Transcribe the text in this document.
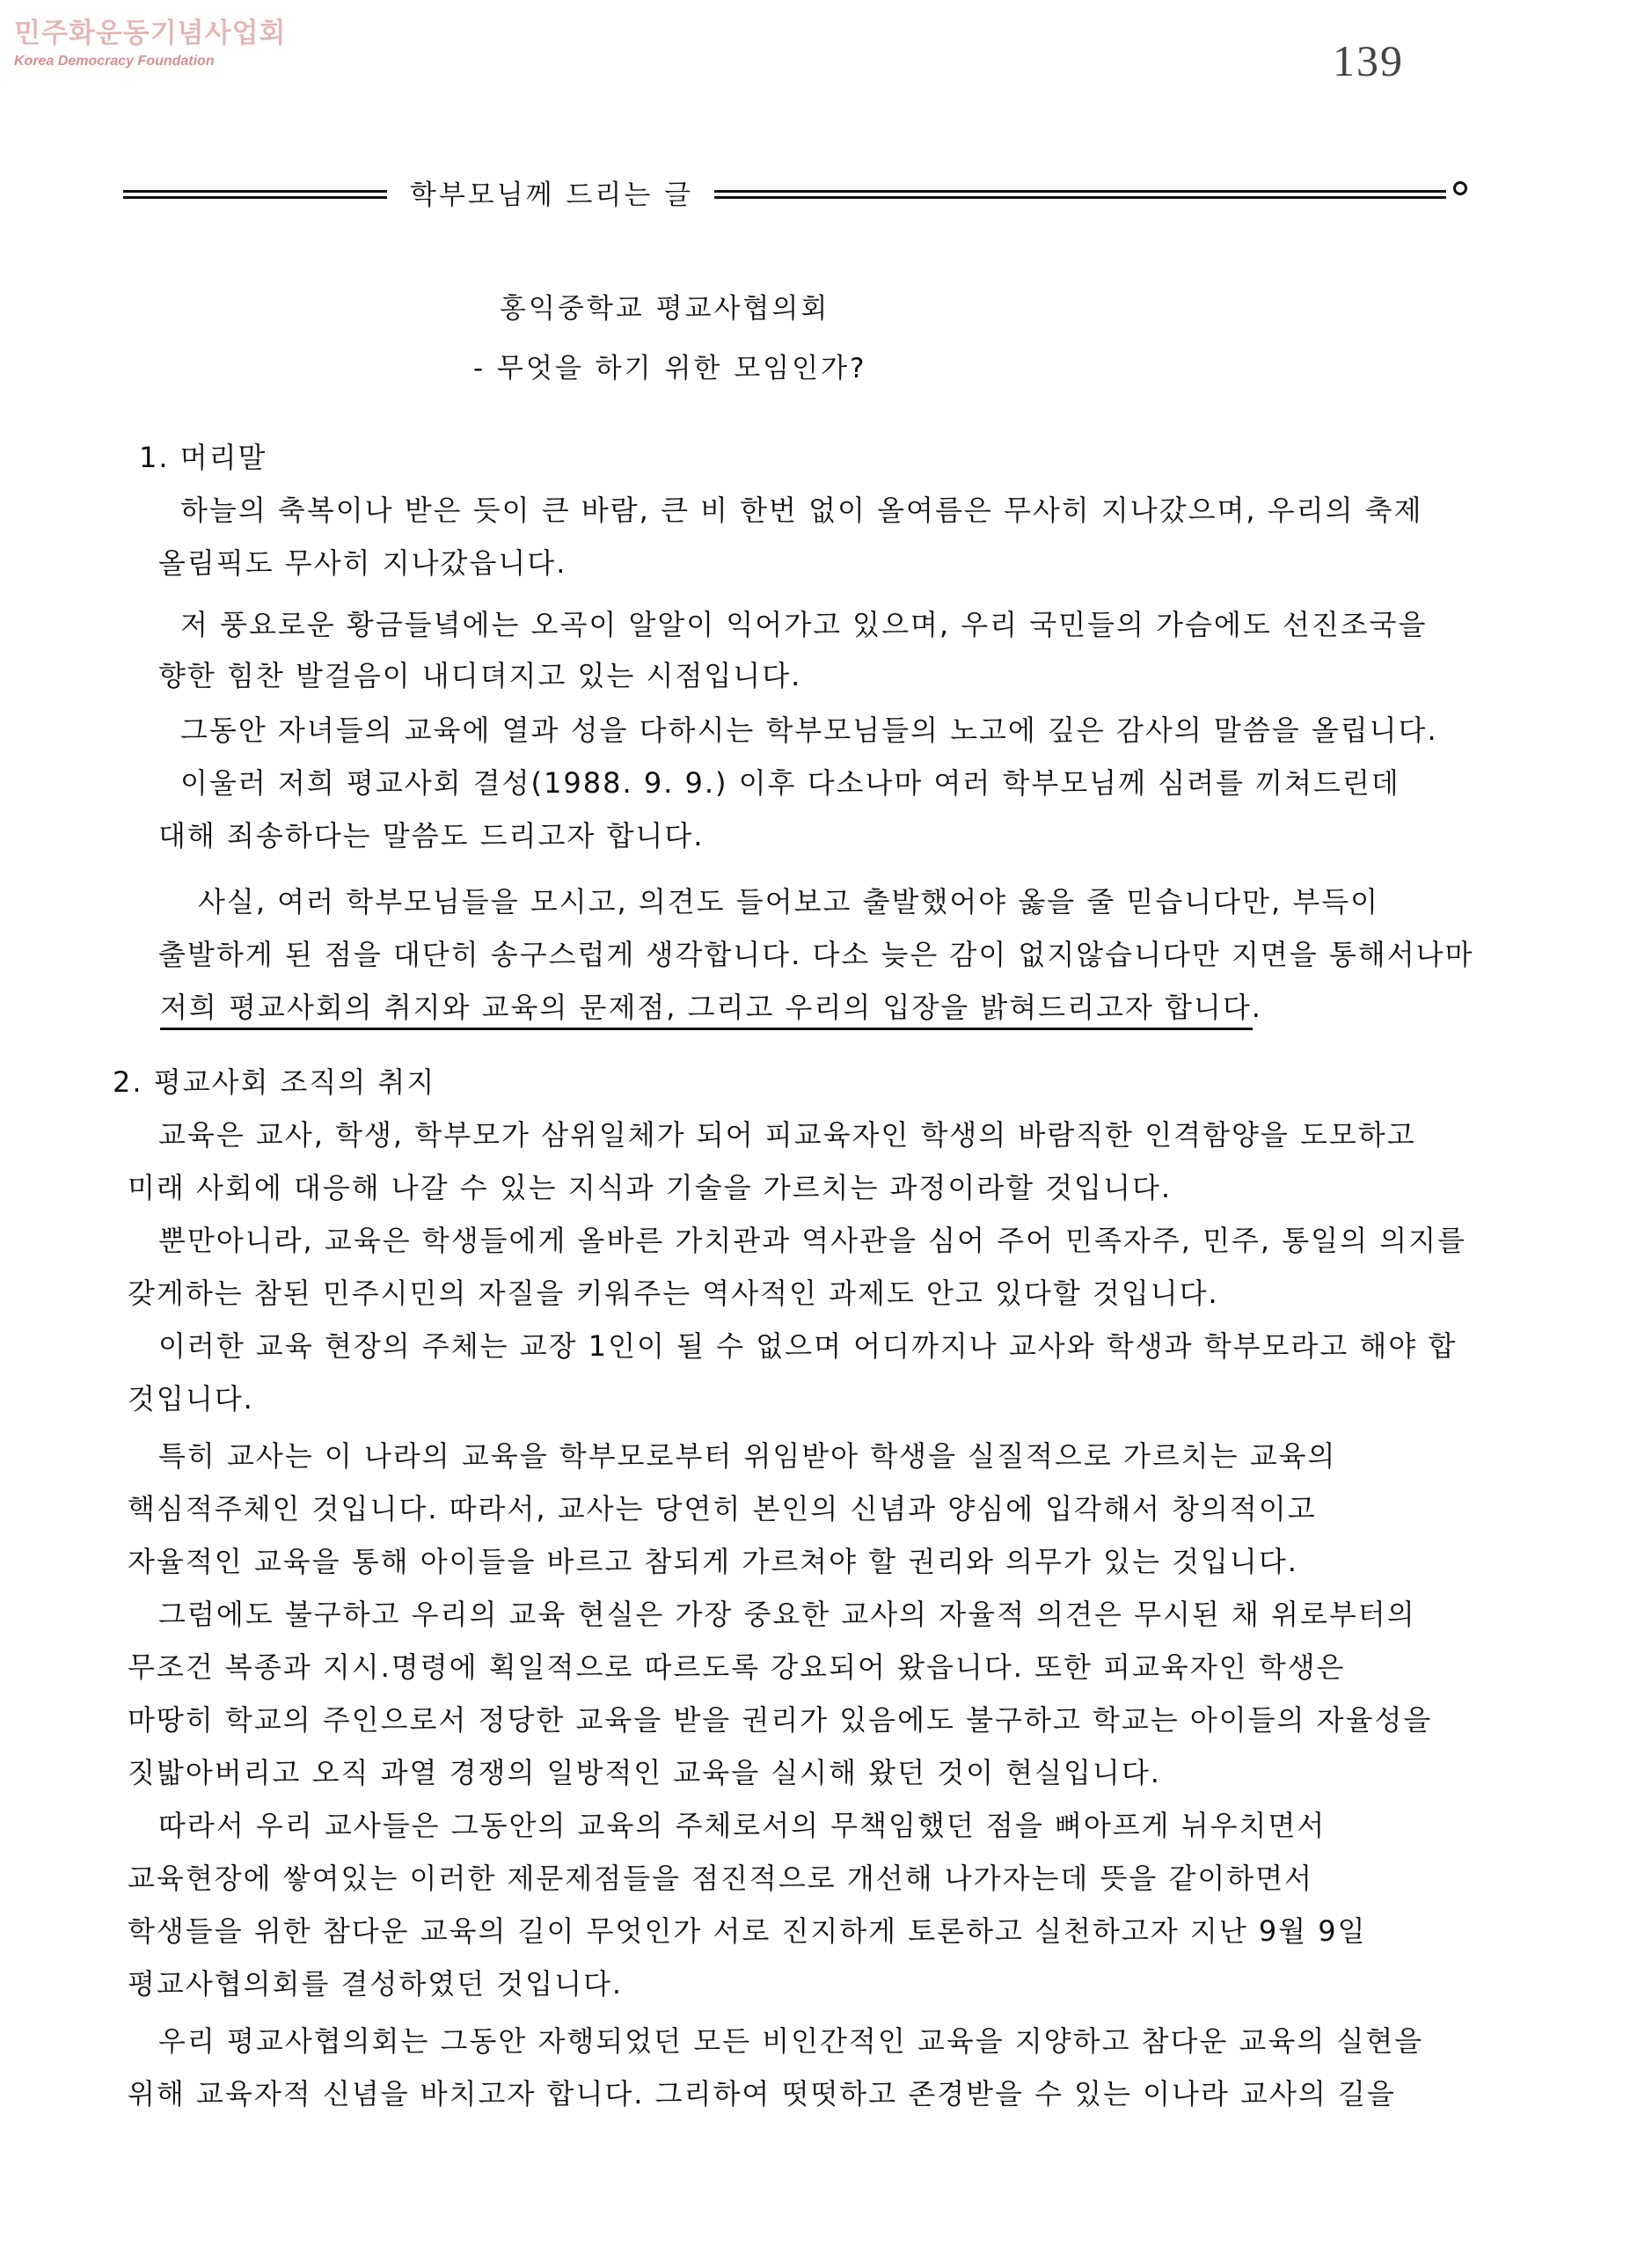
민주화운동기념사업회
Korea Democracy Foundation	139
학부모님께 드리는 글
홍익중학교 평교사협의회
- 무엇을 하기 위한 모임인가?
1. 머리말
하늘의 축복이나 받은 듯이 큰 바람, 큰 비 한번 없이 올여름은 무사히 지나갔으며, 우리의 축제
올림픽도 무사히 지나갔읍니다.
저 풍요로운 황금들녘에는 오곡이 알알이 익어가고 있으며, 우리 국민들의 가슴에도 선진조국을
향한 힘찬 발걸음이 내디뎌지고 있는 시점입니다.
그동안 자녀들의 교육에 열과 성을 다하시는 학부모님들의 노고에 깊은 감사의 말씀을 올립니다.
이울러 저희 평교사회 결성(1988. 9. 9.) 이후 다소나마 여러 학부모님께 심려를 끼쳐드린데
대해 죄송하다는 말씀도 드리고자 합니다.
사실, 여러 학부모님들을 모시고, 의견도 들어보고 출발했어야 옳을 줄 믿습니다만, 부득이
출발하게 된 점을 대단히 송구스럽게 생각합니다. 다소 늦은 감이 없지않습니다만 지면을 통해서나마
저희 평교사회의 취지와 교육의 문제점, 그리고 우리의 입장을 밝혀드리고자 합니다.
2. 평교사회 조직의 취지
교육은 교사, 학생, 학부모가 삼위일체가 되어 피교육자인 학생의 바람직한 인격함양을 도모하고
미래 사회에 대응해 나갈 수 있는 지식과 기술을 가르치는 과정이라할 것입니다.
뿐만아니라, 교육은 학생들에게 올바른 가치관과 역사관을 심어 주어 민족자주, 민주, 통일의 의지를
갖게하는 참된 민주시민의 자질을 키워주는 역사적인 과제도 안고 있다할 것입니다.
이러한 교육 현장의 주체는 교장 1인이 될 수 없으며 어디까지나 교사와 학생과 학부모라고 해야 합
것입니다.
특히 교사는 이 나라의 교육을 학부모로부터 위임받아 학생을 실질적으로 가르치는 교육의
핵심적주체인 것입니다. 따라서, 교사는 당연히 본인의 신념과 양심에 입각해서 창의적이고
자율적인 교육을 통해 아이들을 바르고 참되게 가르쳐야 할 권리와 의무가 있는 것입니다.
그럼에도 불구하고 우리의 교육 현실은 가장 중요한 교사의 자율적 의견은 무시된 채 위로부터의
무조건 복종과 지시.명령에 획일적으로 따르도록 강요되어 왔읍니다. 또한 피교육자인 학생은
마땅히 학교의 주인으로서 정당한 교육을 받을 권리가 있음에도 불구하고 학교는 아이들의 자율성을
짓밟아버리고 오직 과열 경쟁의 일방적인 교육을 실시해 왔던 것이 현실입니다.
따라서 우리 교사들은 그동안의 교육의 주체로서의 무책임했던 점을 뼈아프게 뉘우치면서
교육현장에 쌓여있는 이러한 제문제점들을 점진적으로 개선해 나가자는데 뜻을 같이하면서
학생들을 위한 참다운 교육의 길이 무엇인가 서로 진지하게 토론하고 실천하고자 지난 9월 9일
평교사협의회를 결성하였던 것입니다.
우리 평교사협의회는 그동안 자행되었던 모든 비인간적인 교육을 지양하고 참다운 교육의 실현을
위해 교육자적 신념을 바치고자 합니다. 그리하여 떳떳하고 존경받을 수 있는 이나라 교사의 길을
